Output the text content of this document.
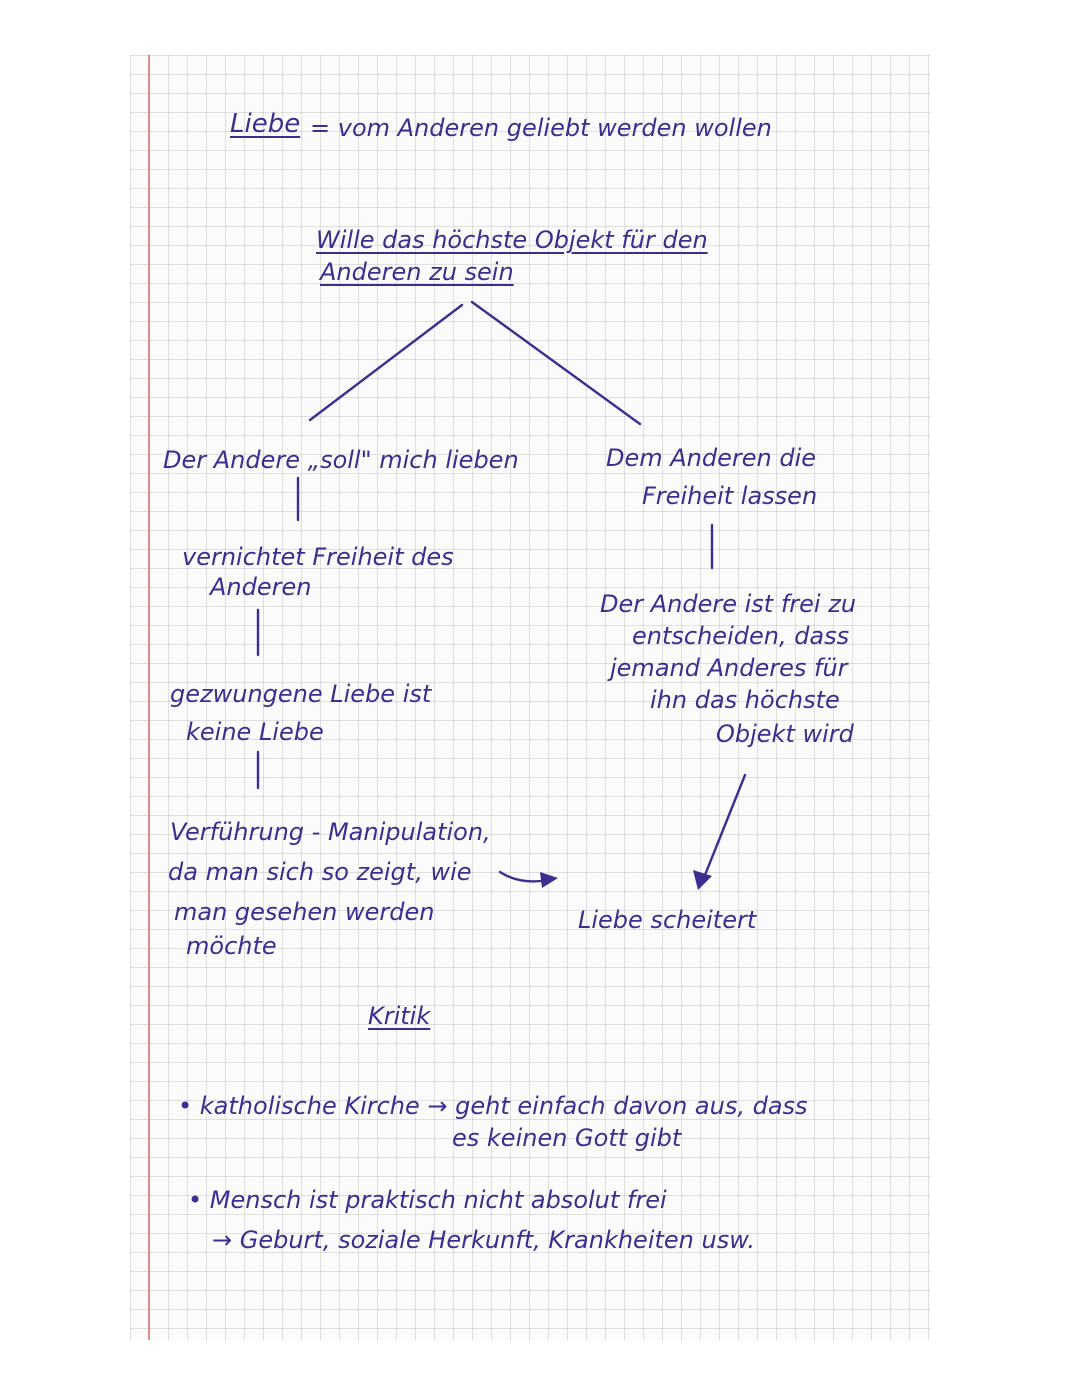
Liebe = vom Anderen geliebt werden wollen
Wille das höchste Objekt für den
Anderen zu sein
Der Andere „soll" mich lieben
vernichtet Freiheit des
Anderen
gezwungene Liebe ist
keine Liebe
Verführung - Manipulation,
da man sich so zeigt, wie
man gesehen werden
möchte
Dem Anderen die
Freiheit lassen
Der Andere ist frei zu
entscheiden, dass
jemand Anderes für
ihn das höchste
Objekt wird
Liebe scheitert
Kritik
• katholische Kirche → geht einfach davon aus, dass
es keinen Gott gibt
• Mensch ist praktisch nicht absolut frei
→ Geburt, soziale Herkunft, Krankheiten usw.
